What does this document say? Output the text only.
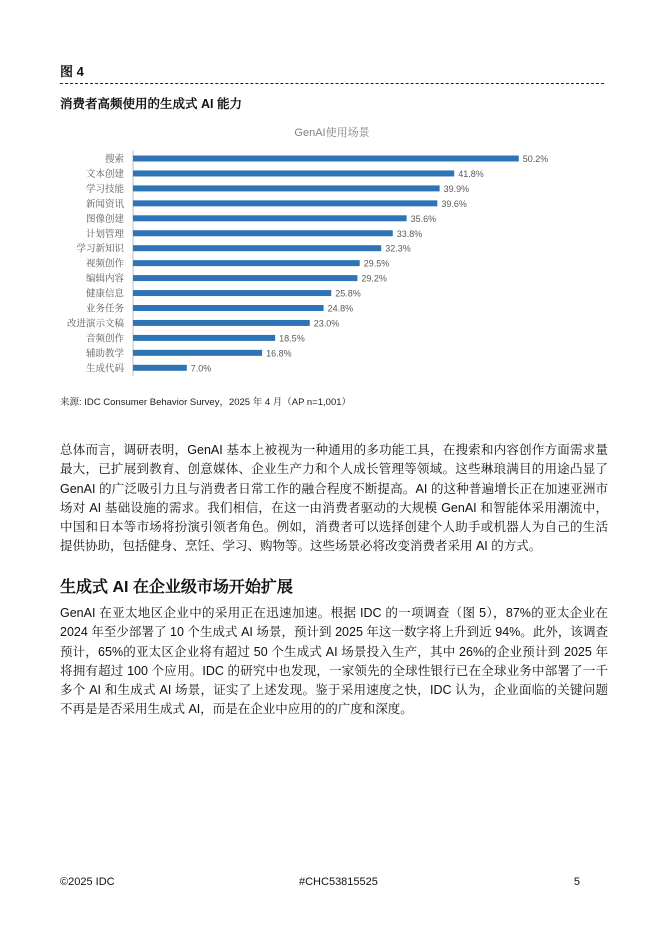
图 4
消费者高频使用的生成式 AI 能力
GenAI使用场景
搜索	50.2%
文本创建	41.8%
学习技能	39.9%
新闻资讯	39.6%
图像创建	35.6%
计划管理	33.8%
学习新知识	32.3%
视频创作	29.5%
编辑内容	29.2%
健康信息	25.8%
业务任务	24.8%
改进演示文稿	23.0%
音频创作	18.5%
辅助教学	16.8%
生成代码	7.0%
来源: IDC Consumer Behavior Survey，2025 年 4 月（AP n=1,001）

总体而言，调研表明，GenAI 基本上被视为一种通用的多功能工具，在搜索和内容创作方面需求量最大，已扩展到教育、创意媒体、企业生产力和个人成长管理等领域。这些琳琅满目的用途凸显了 GenAI 的广泛吸引力且与消费者日常工作的融合程度不断提高。AI 的这种普遍增长正在加速亚洲市场对 AI 基础设施的需求。我们相信，在这一由消费者驱动的大规模 GenAI 和智能体采用潮流中，中国和日本等市场将扮演引领者角色。例如，消费者可以选择创建个人助手或机器人为自己的生活提供协助，包括健身、烹饪、学习、购物等。这些场景必将改变消费者采用 AI 的方式。

生成式 AI 在企业级市场开始扩展

GenAI 在亚太地区企业中的采用正在迅速加速。根据 IDC 的一项调查（图 5），87%的亚太企业在 2024 年至少部署了 10 个生成式 AI 场景，预计到 2025 年这一数字将上升到近 94%。此外，该调查预计，65%的亚太区企业将有超过 50 个生成式 AI 场景投入生产，其中 26%的企业预计到 2025 年将拥有超过 100 个应用。IDC 的研究中也发现，一家领先的全球性银行已在全球业务中部署了一千多个 AI 和生成式 AI 场景，证实了上述发现。鉴于采用速度之快，IDC 认为，企业面临的关键问题不再是是否采用生成式 AI，而是在企业中应用的的广度和深度。

©2025 IDC	#CHC53815525	5
